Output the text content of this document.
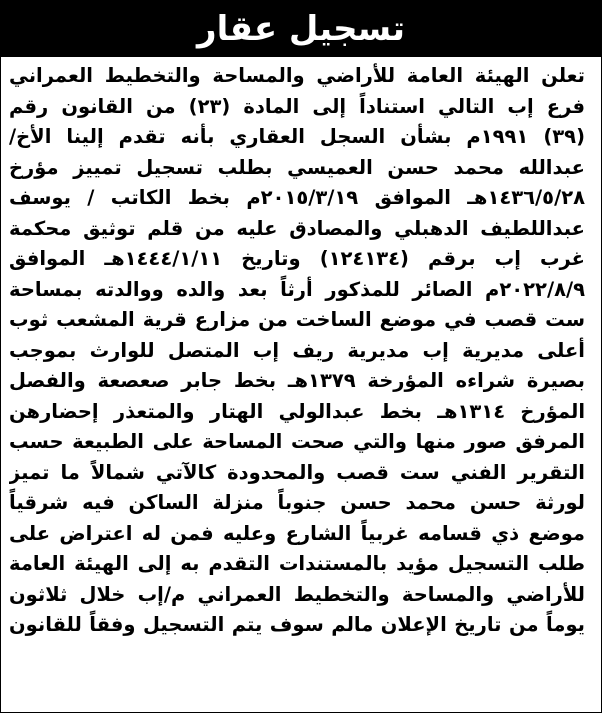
تسجيل عقار

تعلن الهيئة العامة للأراضي والمساحة والتخطيط العمراني
فرع إب التالي استناداً إلى المادة (٢٣) من القانون رقم
(٣٩) ١٩٩١م بشأن السجل العقاري بأنه تقدم إلينا الأخ/
عبدالله محمد حسن العميسي بطلب تسجيل تمييز مؤرخ
١٤٣٦/٥/٢٨هـ الموافق ٢٠١٥/٣/١٩م بخط الكاتب / يوسف
عبداللطيف الدهبلي والمصادق عليه من قلم توثيق محكمة
غرب إب برقم (١٢٤١٣٤) وتاريخ ١٤٤٤/١/١١هـ الموافق
٢٠٢٢/٨/٩م الصائر للمذكور أرثاً بعد والده ووالدته بمساحة
ست قصب في موضع الساخت من مزارع قرية المشعب ثوب
أعلى مديرية إب مديرية ريف إب المتصل للوارث بموجب
بصيرة شراءه المؤرخة ١٣٧٩هـ بخط جابر صعصعة والفصل
المؤرخ ١٣١٤هـ بخط عبدالولي الهتار والمتعذر إحضارهن
المرفق صور منها والتي صحت المساحة على الطبيعة حسب
التقرير الفني ست قصب والمحدودة كالآتي شمالاً ما تميز
لورثة حسن محمد حسن جنوباً منزلة الساكن فيه شرقياً
موضع ذي قسامه غربياً الشارع وعليه فمن له اعتراض على
طلب التسجيل مؤيد بالمستندات التقدم به إلى الهيئة العامة
للأراضي والمساحة والتخطيط العمراني م/إب خلال ثلاثون
يوماً من تاريخ الإعلان مالم سوف يتم التسجيل وفقاً للقانون
